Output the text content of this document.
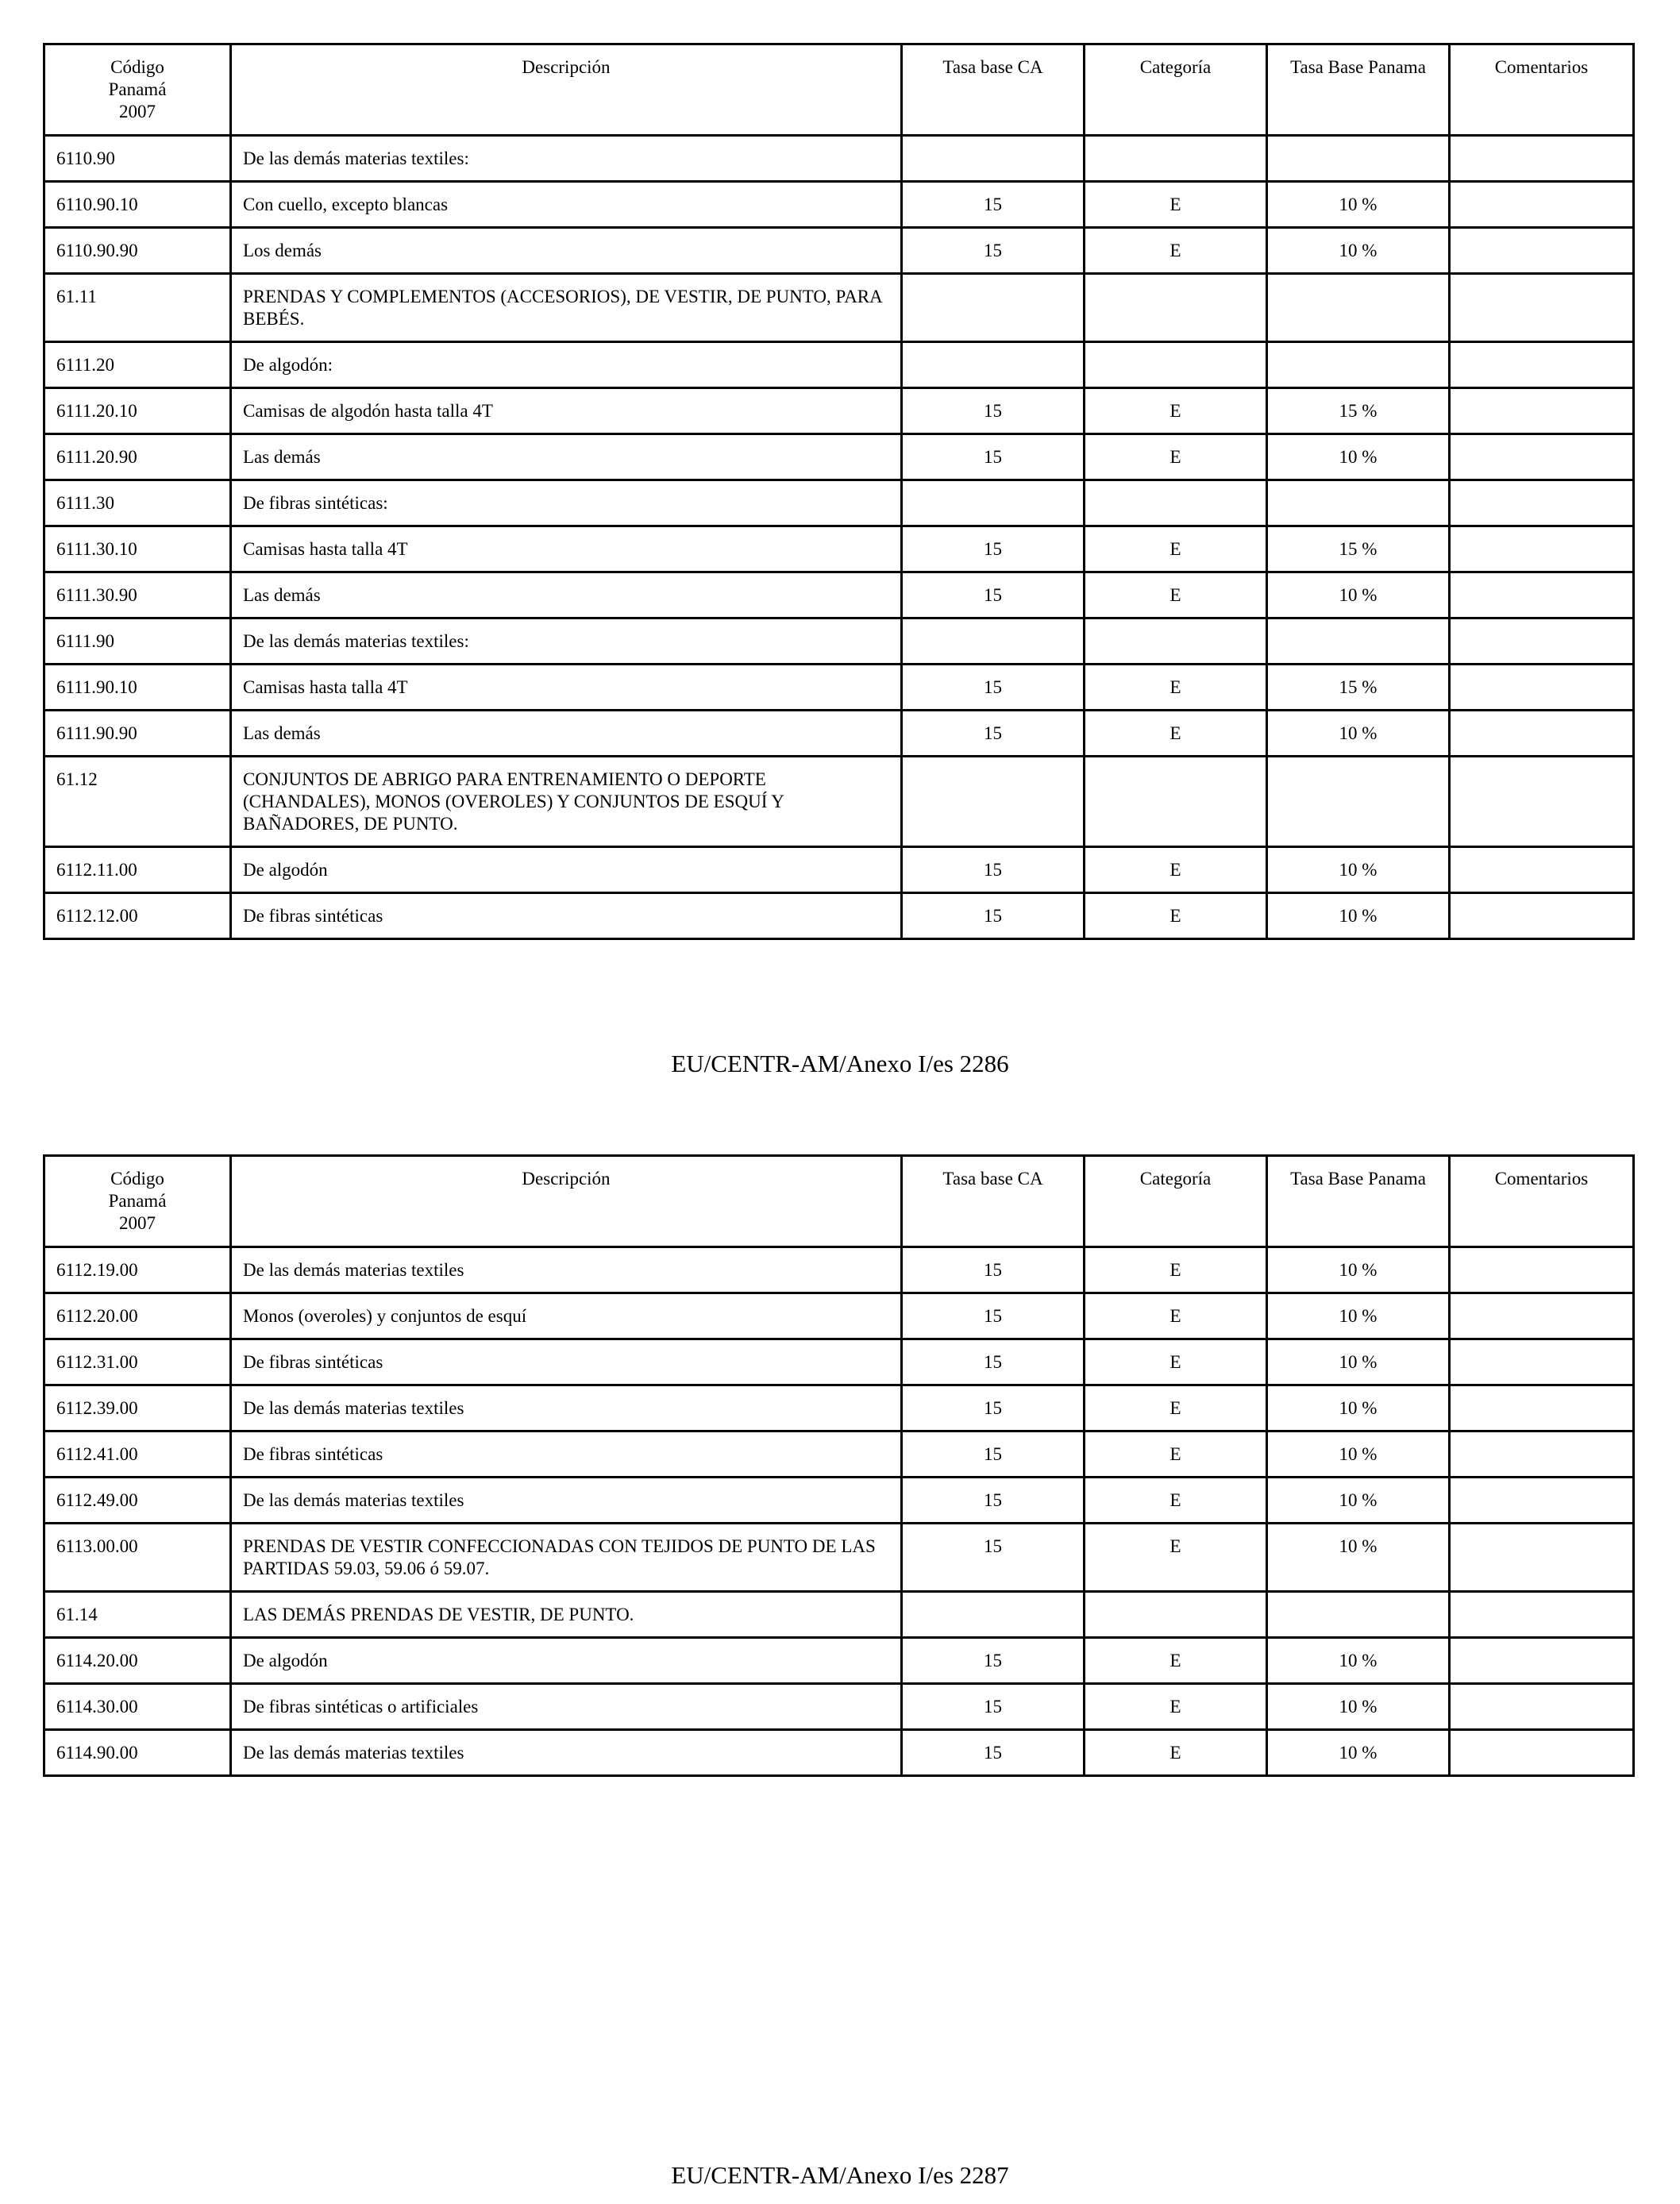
Código Panamá 2007	Descripción	Tasa base CA	Categoría	Tasa Base Panama	Comentarios
6110.90	De las demás materias textiles:				
6110.90.10	Con cuello, excepto blancas	15	E	10 %	
6110.90.90	Los demás	15	E	10 %	
61.11	PRENDAS Y COMPLEMENTOS (ACCESORIOS), DE VESTIR, DE PUNTO, PARA BEBÉS.				
6111.20	De algodón:				
6111.20.10	Camisas de algodón hasta talla 4T	15	E	15 %	
6111.20.90	Las demás	15	E	10 %	
6111.30	De fibras sintéticas:				
6111.30.10	Camisas hasta talla 4T	15	E	15 %	
6111.30.90	Las demás	15	E	10 %	
6111.90	De las demás materias textiles:				
6111.90.10	Camisas hasta talla 4T	15	E	15 %	
6111.90.90	Las demás	15	E	10 %	
61.12	CONJUNTOS DE ABRIGO PARA ENTRENAMIENTO O DEPORTE (CHANDALES), MONOS (OVEROLES) Y CONJUNTOS DE ESQUÍ Y BAÑADORES, DE PUNTO.				
6112.11.00	De algodón	15	E	10 %	
6112.12.00	De fibras sintéticas	15	E	10 %	
EU/CENTR-AM/Anexo I/es 2286
Código Panamá 2007	Descripción	Tasa base CA	Categoría	Tasa Base Panama	Comentarios
6112.19.00	De las demás materias textiles	15	E	10 %	
6112.20.00	Monos (overoles) y conjuntos de esquí	15	E	10 %	
6112.31.00	De fibras sintéticas	15	E	10 %	
6112.39.00	De las demás materias textiles	15	E	10 %	
6112.41.00	De fibras sintéticas	15	E	10 %	
6112.49.00	De las demás materias textiles	15	E	10 %	
6113.00.00	PRENDAS DE VESTIR CONFECCIONADAS CON TEJIDOS DE PUNTO DE LAS PARTIDAS 59.03, 59.06 ó 59.07.	15	E	10 %	
61.14	LAS DEMÁS PRENDAS DE VESTIR, DE PUNTO.				
6114.20.00	De algodón	15	E	10 %	
6114.30.00	De fibras sintéticas o artificiales	15	E	10 %	
6114.90.00	De las demás materias textiles	15	E	10 %	
EU/CENTR-AM/Anexo I/es 2287
